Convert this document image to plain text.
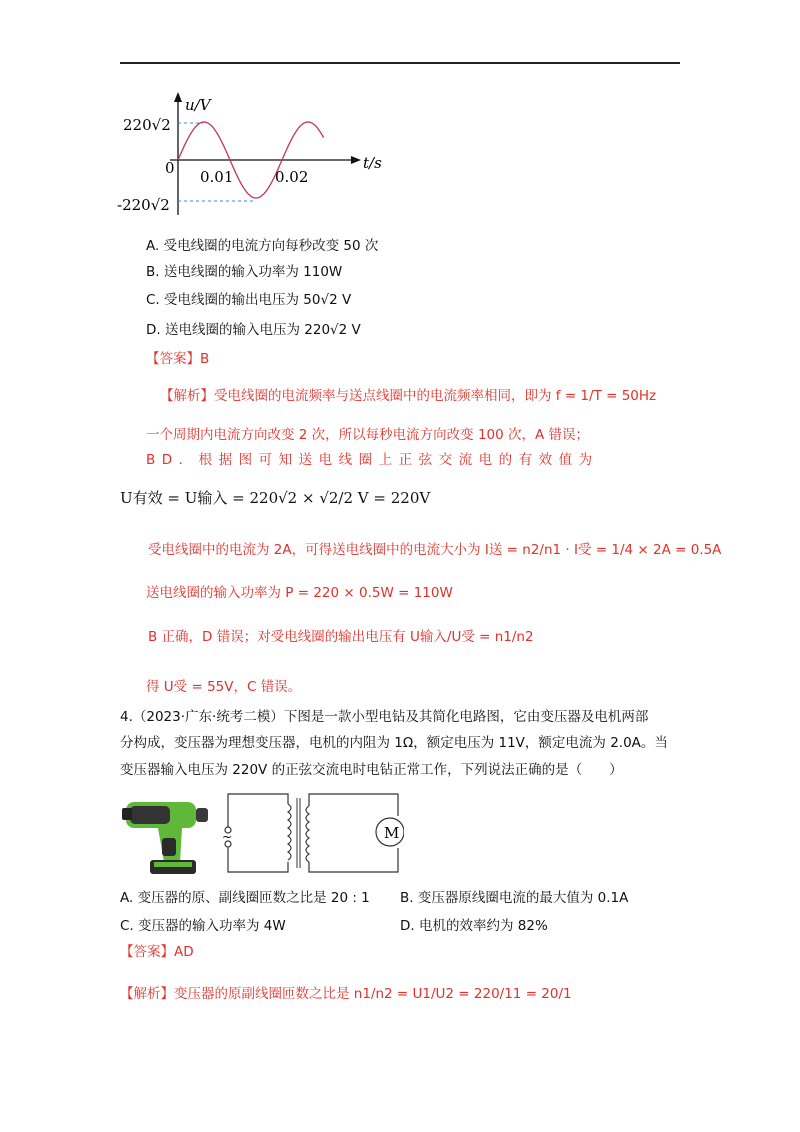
u/V
t/s
0
220√2
-220√2
0.01	0.02
A. 受电线圈的电流方向每秒改变 50 次
B. 送电线圈的输入功率为 110W
C. 受电线圈的输出电压为 50√2 V
D. 送电线圈的输入电压为 220√2 V
【答案】B
【解析】受电线圈的电流频率与送点线圈中的电流频率相同，即为 f = 1/T = 50Hz
一个周期内电流方向改变 2 次，所以每秒电流方向改变 100 次，A 错误；
BD．根据图可知送电线圈上正弦交流电的有效值为
U有效 = U输入 = 220√2 × √2/2 V = 220V
受电线圈中的电流为 2A，可得送电线圈中的电流大小为 I送 = n2/n1 · I受 = 1/4 × 2A = 0.5A
送电线圈的输入功率为 P = 220 × 0.5W = 110W
B 正确，D 错误；对受电线圈的输出电压有 U输入/U受 = n1/n2
得 U受 = 55V，C 错误。
4.（2023·广东·统考二模）下图是一款小型电钻及其简化电路图，它由变压器及电机两部
分构成，变压器为理想变压器，电机的内阻为 1Ω，额定电压为 11V，额定电流为 2.0A。当
变压器输入电压为 220V 的正弦交流电时电钻正常工作，下列说法正确的是（　　）
~	M
A. 变压器的原、副线圈匝数之比是 20 : 1 B. 变压器原线圈电流的最大值为 0.1A
C. 变压器的输入功率为 4W	D. 电机的效率约为 82%
【答案】AD
【解析】变压器的原副线圈匝数之比是 n1/n2 = U1/U2 = 220/11 = 20/1
